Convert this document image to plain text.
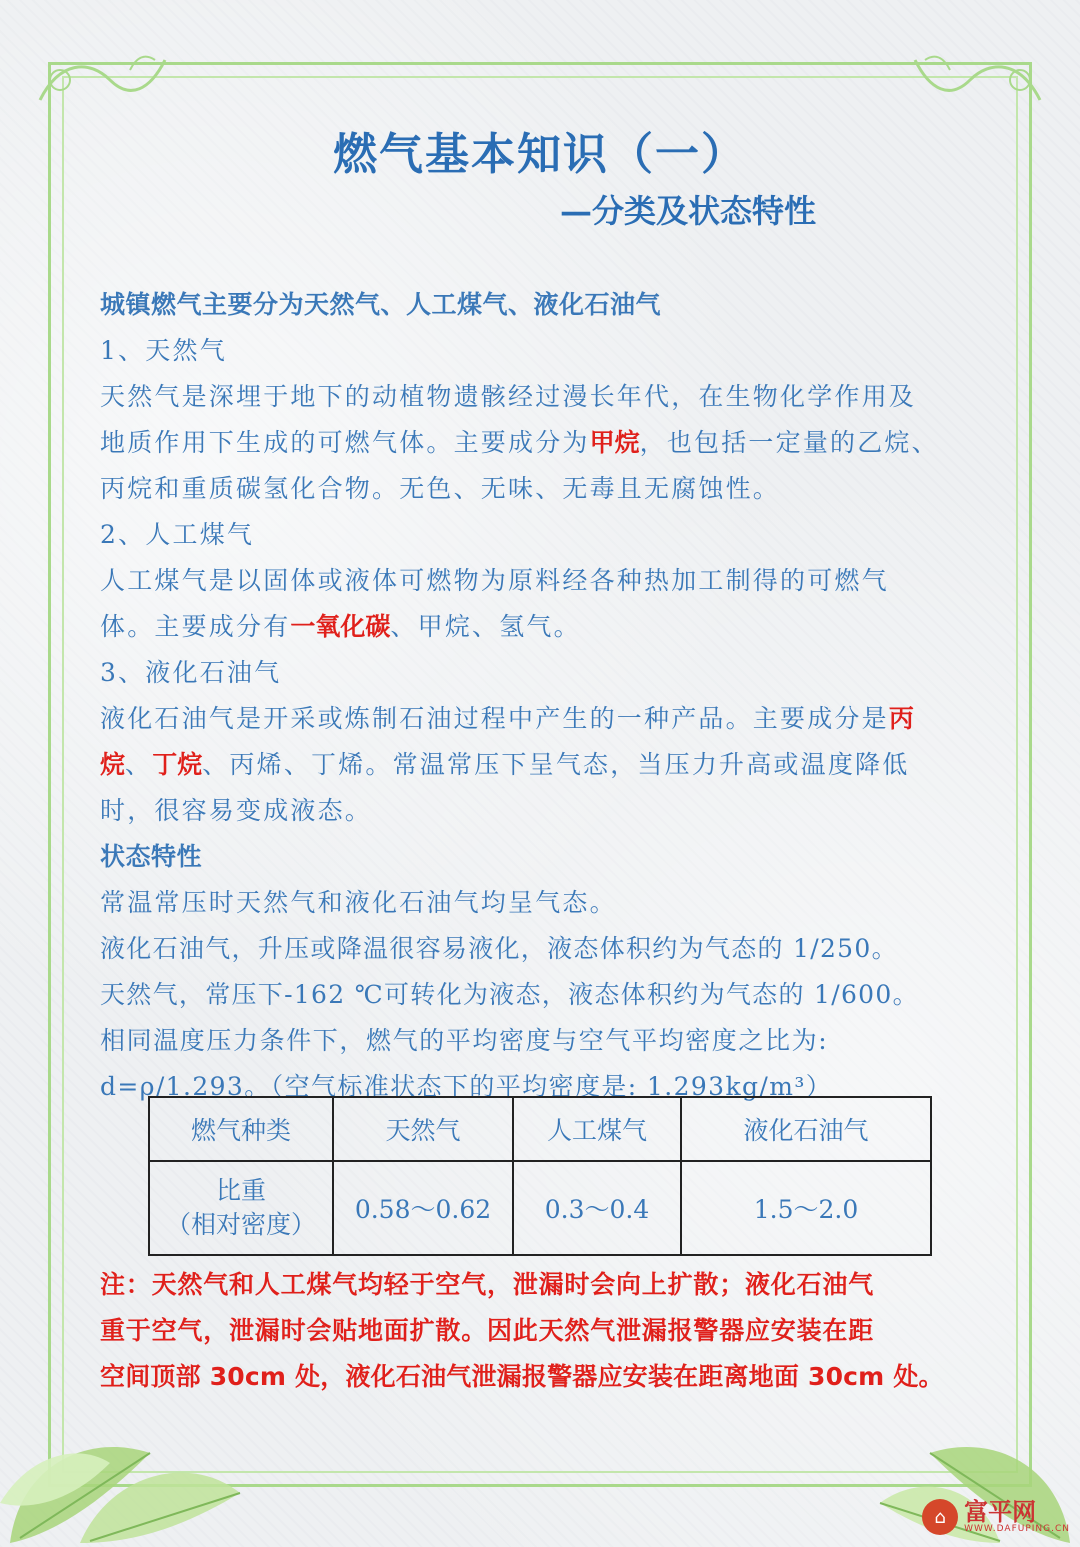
燃气基本知识（一）
—分类及状态特性
城镇燃气主要分为天然气、人工煤气、液化石油气
1、天然气
天然气是深埋于地下的动植物遗骸经过漫长年代，在生物化学作用及
地质作用下生成的可燃气体。主要成分为甲烷，也包括一定量的乙烷、
丙烷和重质碳氢化合物。无色、无味、无毒且无腐蚀性。
2、人工煤气
人工煤气是以固体或液体可燃物为原料经各种热加工制得的可燃气
体。主要成分有一氧化碳、甲烷、氢气。
3、液化石油气
液化石油气是开采或炼制石油过程中产生的一种产品。主要成分是丙
烷、丁烷、丙烯、丁烯。常温常压下呈气态，当压力升高或温度降低
时，很容易变成液态。
状态特性
常温常压时天然气和液化石油气均呈气态。
液化石油气，升压或降温很容易液化，液态体积约为气态的 1/250。
天然气，常压下-162 ℃可转化为液态，液态体积约为气态的 1/600。
相同温度压力条件下，燃气的平均密度与空气平均密度之比为:
d=ρ/1.293。（空气标准状态下的平均密度是: 1.293kg/m³）
燃气种类	天然气	人工煤气	液化石油气

比重
（相对密度）	0.58～0.62	0.3～0.4	1.5～2.0
注：天然气和人工煤气均轻于空气，泄漏时会向上扩散；液化石油气
重于空气，泄漏时会贴地面扩散。因此天然气泄漏报警器应安装在距
空间顶部 30cm 处，液化石油气泄漏报警器应安装在距离地面 30cm 处。
⌂ 富平网
WWW.DAFUPING.CN
